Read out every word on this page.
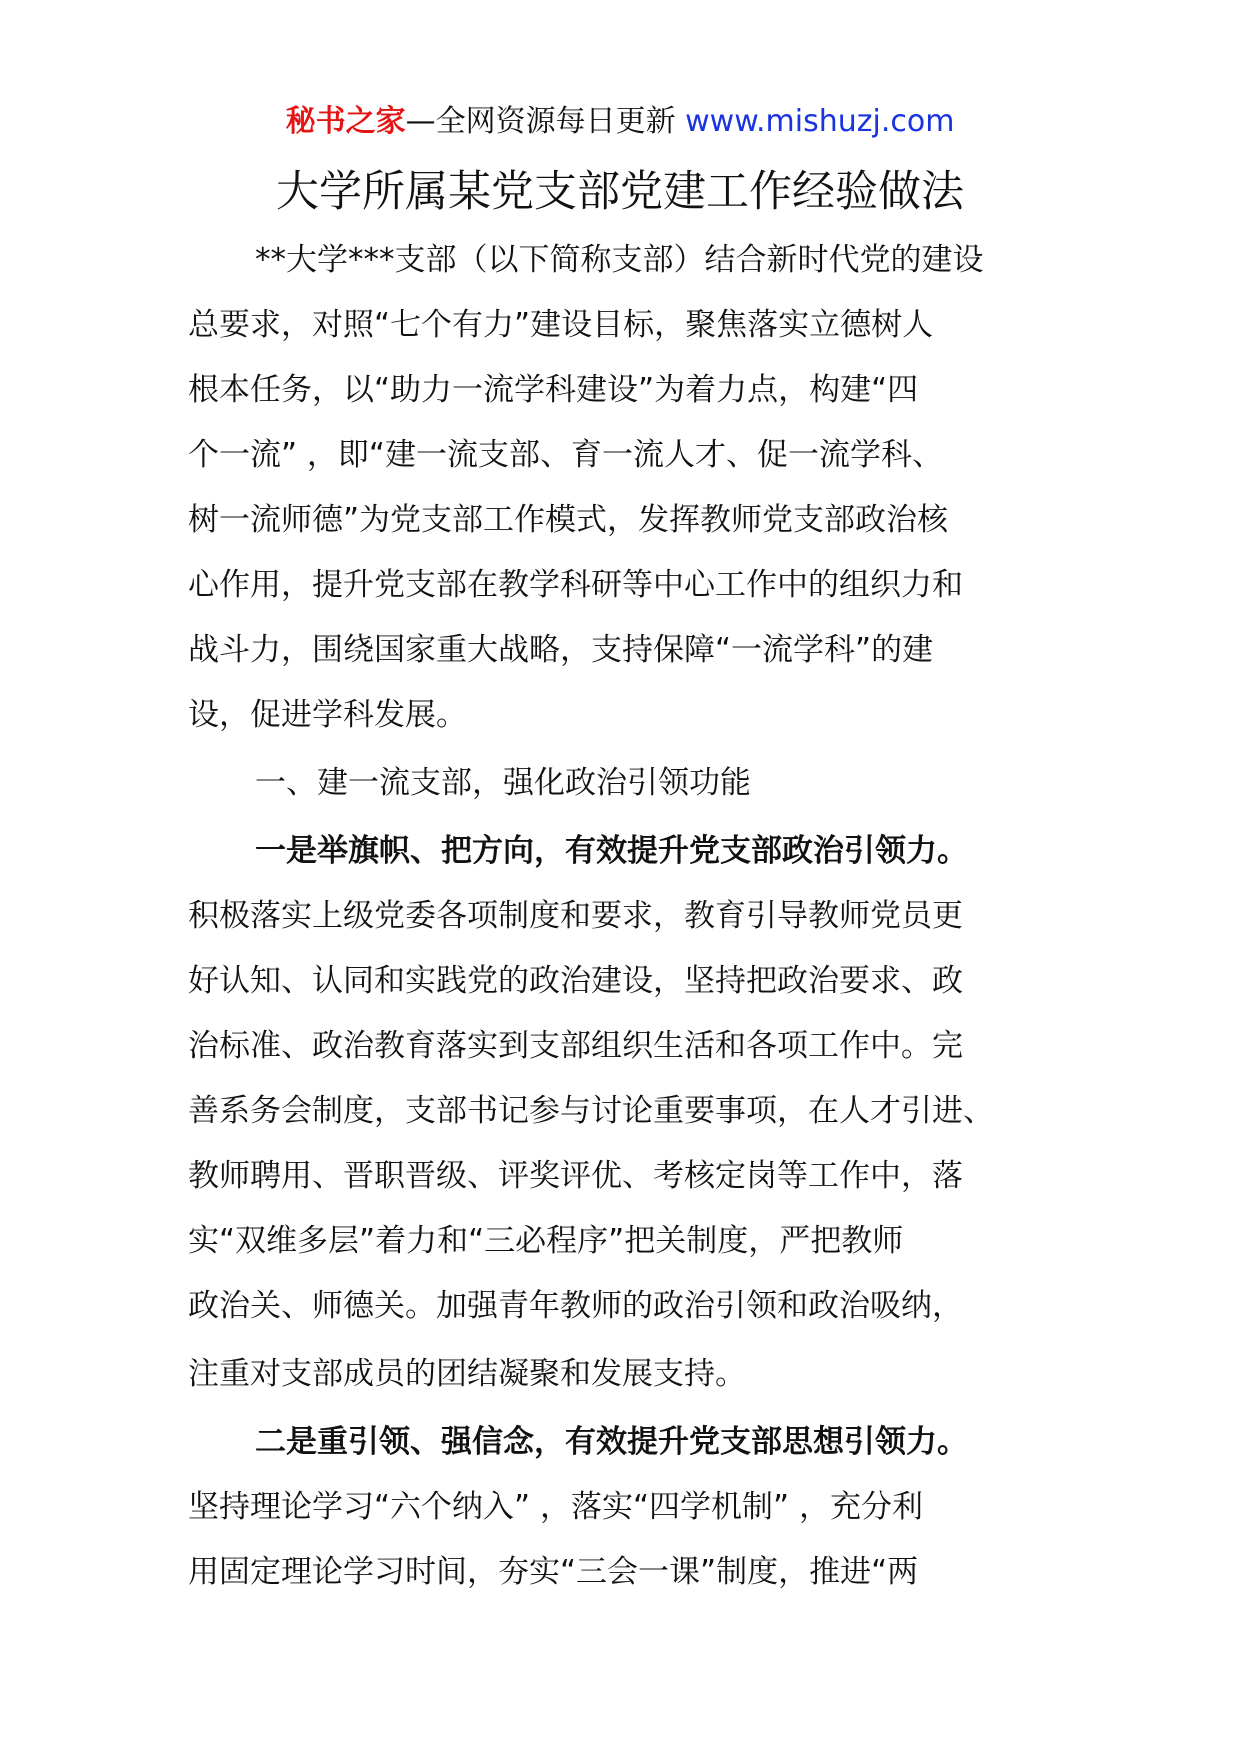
秘书之家—全网资源每日更新 www.mishuzj.com
大学所属某党支部党建工作经验做法
**大学***支部（以下简称支部）结合新时代党的建设
总要求，对照“七个有力”建设目标，聚焦落实立德树人
根本任务，以“助力一流学科建设”为着力点，构建“四
个一流” ，即“建一流支部、育一流人才、促一流学科、
树一流师德”为党支部工作模式，发挥教师党支部政治核
心作用，提升党支部在教学科研等中心工作中的组织力和
战斗力，围绕国家重大战略，支持保障“一流学科”的建
设，促进学科发展。
一、建一流支部，强化政治引领功能
一是举旗帜、把方向，有效提升党支部政治引领力。
积极落实上级党委各项制度和要求，教育引导教师党员更
好认知、认同和实践党的政治建设，坚持把政治要求、政
治标准、政治教育落实到支部组织生活和各项工作中。完
善系务会制度，支部书记参与讨论重要事项，在人才引进、
教师聘用、晋职晋级、评奖评优、考核定岗等工作中，落
实“双维多层”着力和“三必程序”把关制度，严把教师
政治关、师德关。加强青年教师的政治引领和政治吸纳，
注重对支部成员的团结凝聚和发展支持。
二是重引领、强信念，有效提升党支部思想引领力。
坚持理论学习“六个纳入” ，落实“四学机制” ，充分利
用固定理论学习时间，夯实“三会一课”制度，推进“两
